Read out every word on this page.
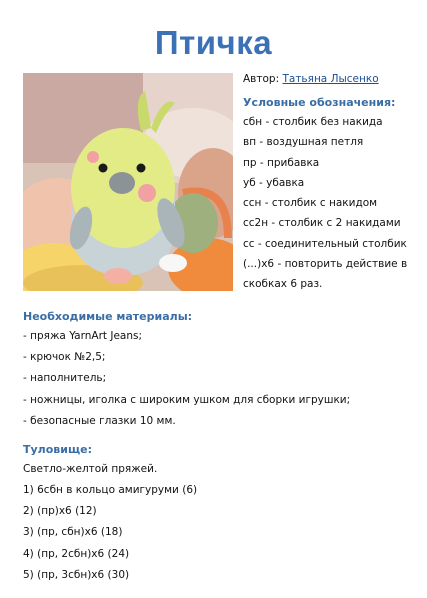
Птичка
Автор: Татьяна Лысенко
Условные обозначения:
сбн - столбик без накида
вп - воздушная петля
пр - прибавка
уб - убавка
ссн - столбик с накидом
сс2н - столбик с 2 накидами
сс - соединительный столбик
(...)х6 - повторить действие в скобках 6 раз.
Необходимые материалы:
- пряжа YarnArt Jeans;
- крючок №2,5;
- наполнитель;
- ножницы, иголка с широким ушком для сборки игрушки;
- безопасные глазки 10 мм.
Туловище:
Светло-желтой пряжей.
1) 6сбн в кольцо амигуруми (6)
2) (пр)х6 (12)
3) (пр, сбн)х6 (18)
4) (пр, 2сбн)х6 (24)
5) (пр, 3сбн)х6 (30)
